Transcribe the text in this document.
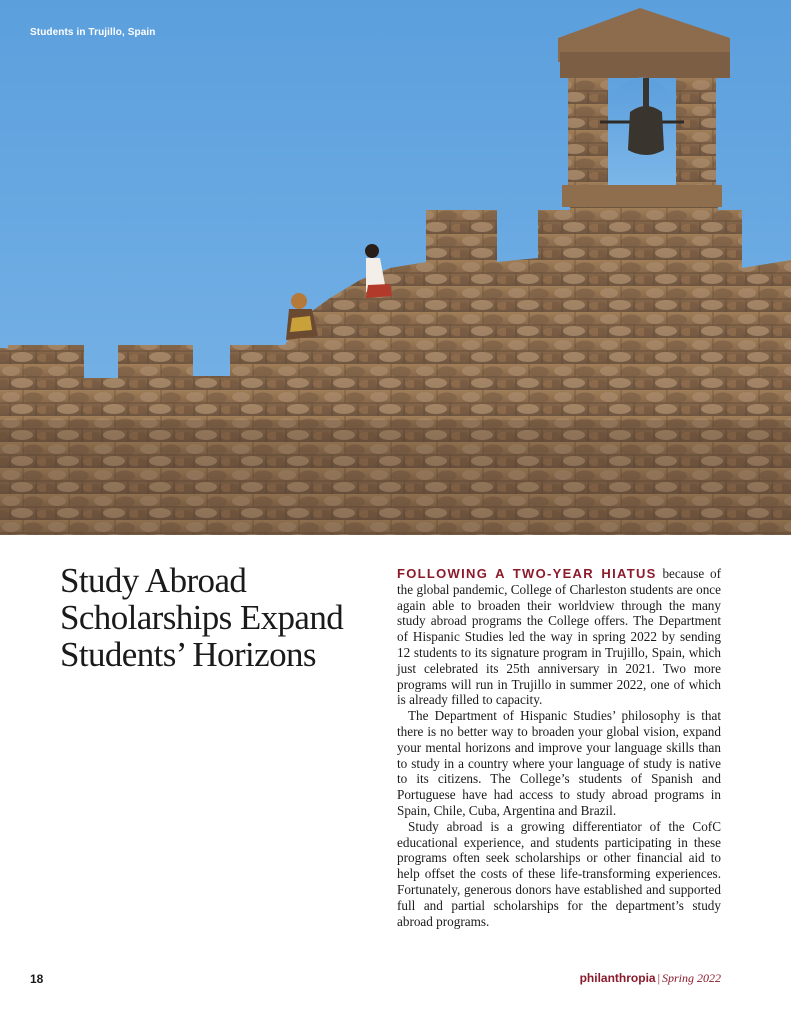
Students in Trujillo, Spain
Study Abroad
Scholarships Expand
Students’ Horizons

FOLLOWING A TWO-YEAR HIATUS because of the global pandemic, College of Charleston students are once again able to broaden their worldview through the many study abroad programs the College offers. The Department of Hispanic Studies led the way in spring 2022 by sending 12 students to its signature program in Trujillo, Spain, which just celebrated its 25th anniversary in 2021. Two more programs will run in Trujillo in summer 2022, one of which is already filled to capacity.

The Department of Hispanic Studies’ philosophy is that there is no better way to broaden your global vision, expand your mental horizons and improve your language skills than to study in a country where your language of study is native to its citizens. The College’s students of Spanish and Portuguese have had access to study abroad programs in Spain, Chile, Cuba, Argentina and Brazil.

Study abroad is a growing differentiator of the CofC educational experience, and students participating in these programs often seek scholarships or other financial aid to help offset the costs of these life-transforming experiences. Fortunately, generous donors have established and supported full and partial scholarships for the department’s study abroad programs.

18	philanthropia | Spring 2022
